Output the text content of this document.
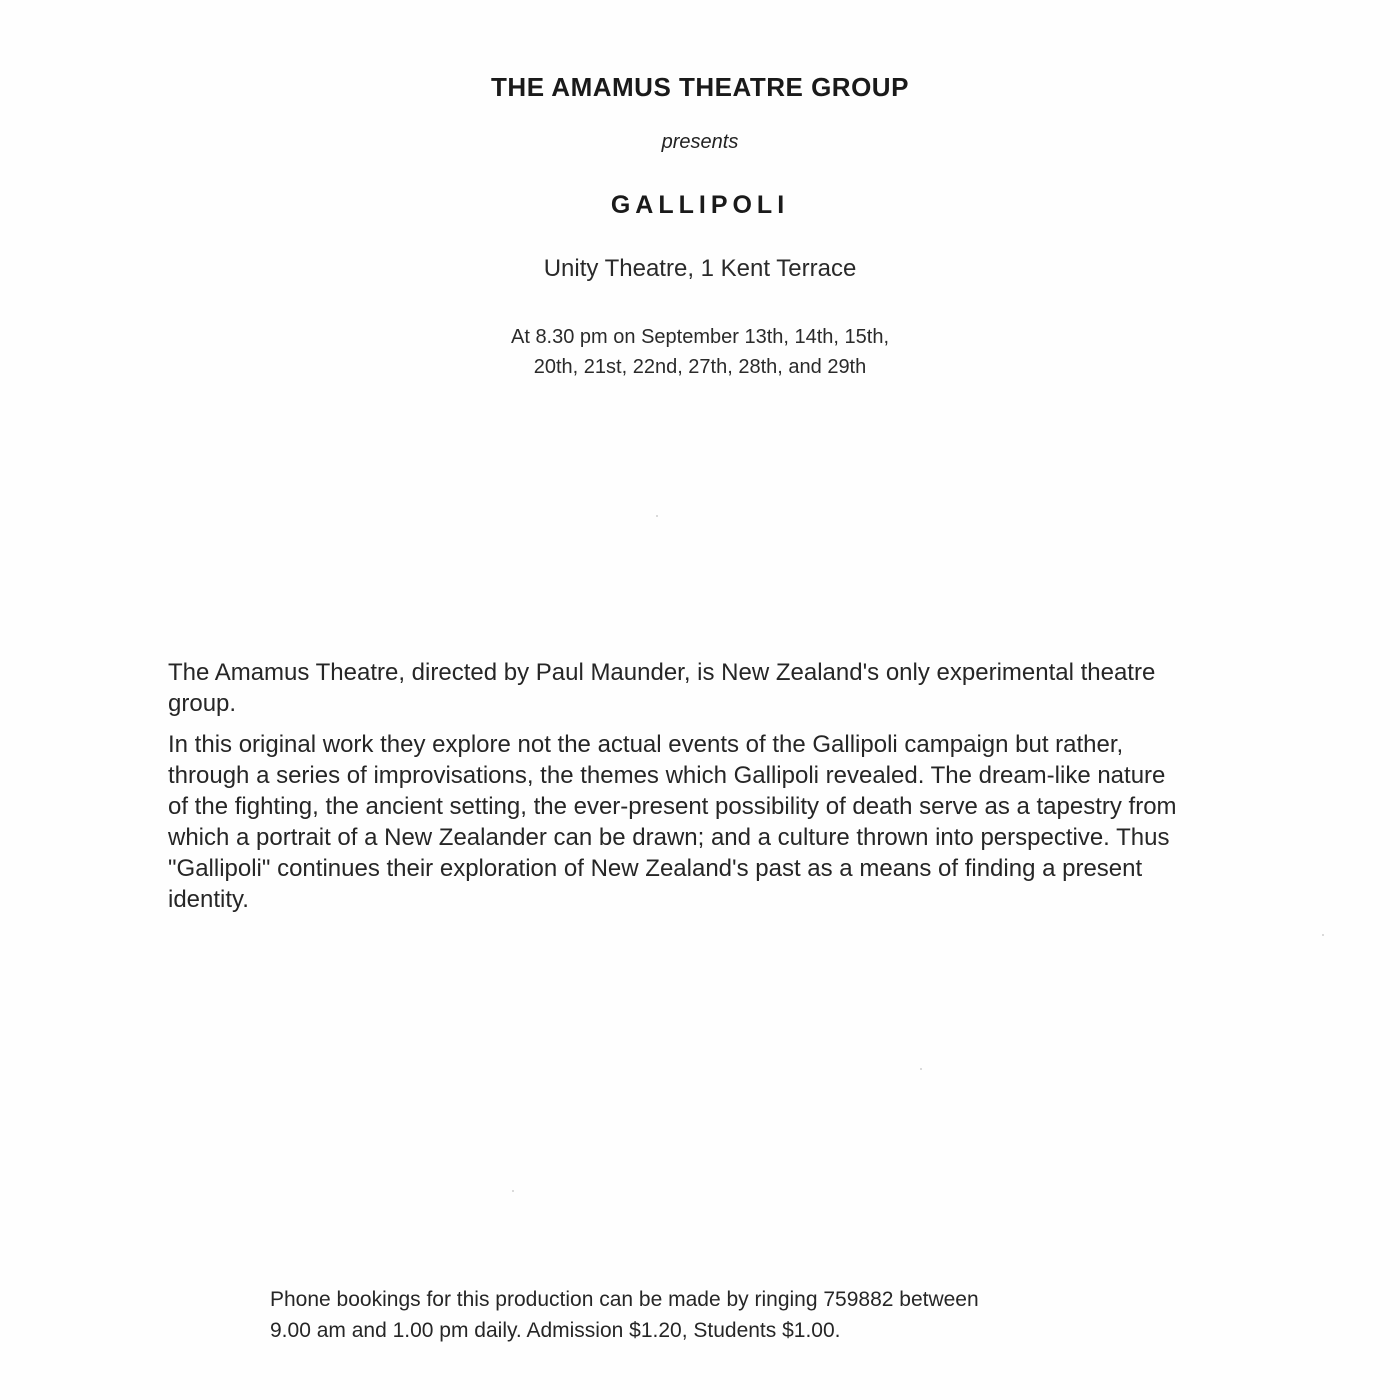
THE AMAMUS THEATRE GROUP
presents
GALLIPOLI
Unity Theatre, 1 Kent Terrace
At 8.30 pm on September 13th, 14th, 15th,
20th, 21st, 22nd, 27th, 28th, and 29th

The Amamus Theatre, directed by Paul Maunder, is New Zealand's only experimental theatre group.

In this original work they explore not the actual events of the Gallipoli campaign but rather, through a series of improvisations, the themes which Gallipoli revealed. The dream-like nature of the fighting, the ancient setting, the ever-present possibility of death serve as a tapestry from which a portrait of a New Zealander can be drawn; and a culture thrown into perspective. Thus "Gallipoli" continues their exploration of New Zealand's past as a means of finding a present identity.

Phone bookings for this production can be made by ringing 759882 between
9.00 am and 1.00 pm daily. Admission $1.20, Students $1.00.
